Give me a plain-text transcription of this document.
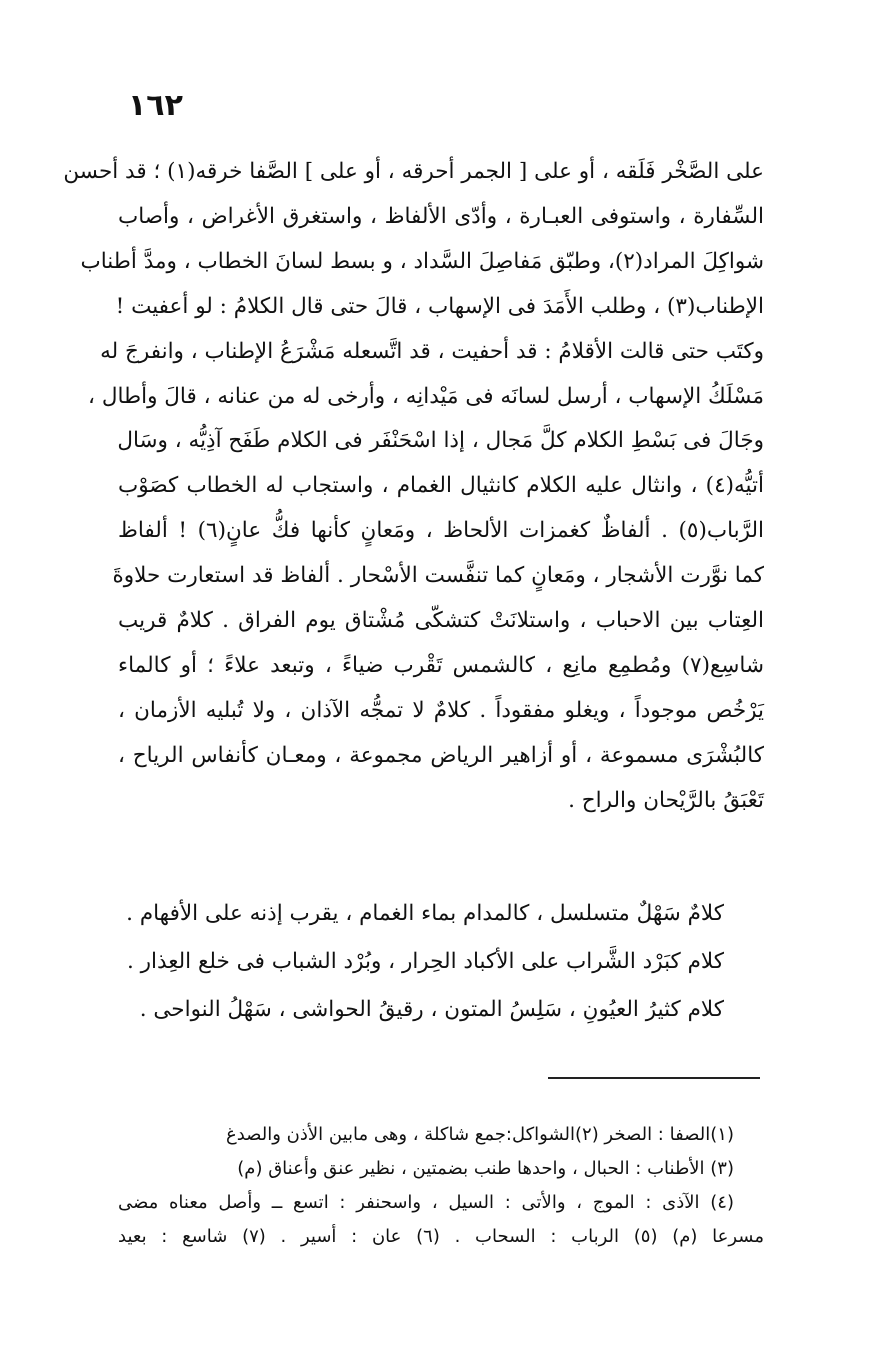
١٦٢
على الصَّخْر فَلَقه ، أو على [ الجمر أحرقه ، أو على ] الصَّفا خرقه(١) ؛ قد أحسن
السِّفارة ، واستوفى العبـارة ، وأدّى الألفاظ ، واستغرق الأغراض ، وأصاب
شواكِلَ المراد(٢)، وطبّق مَفاصِلَ السَّداد ، و بسط لسانَ الخطاب ، ومدَّ أطناب
الإطناب(٣) ، وطلب الأَمَدَ فى الإسهاب ، قالَ حتى قال الكلامُ : لو أعفيت !
وكتَب حتى قالت الأقلامُ : قد أحفيت ، قد اتَّسعله مَشْرَعُ الإطناب ، وانفرجَ له
مَسْلَكُ الإسهاب ، أرسل لسانَه فى مَيْدانِه ، وأرخى له من عنانه ، قالَ وأطال ،
وجَالَ فى بَسْطِ الكلام كلَّ مَجال ، إذا اسْحَنْفَر فى الكلام طَفَح آذِيُّه ، وسَال
أتيُّه(٤) ، وانثال عليه الكلام كانثيال الغمام ، واستجاب له الخطاب كصَوْب
الرَّباب(٥) . ألفاظٌ كغمزات الألحاظ ، ومَعانٍ كأنها فكُّ عانٍ(٦) ! ألفاظ
كما نوَّرت الأشجار ، ومَعانٍ كما تنفَّست الأسْحار . ألفاظ قد استعارت حلاوةَ
العِتاب بين الاحباب ، واستلانَتْ كتشكّى مُشْتاق يوم الفراق . كلامٌ قريب
شاسِع(٧) ومُطمِع مانِع ، كالشمس تَقْرب ضياءً ، وتبعد علاءً ؛ أو كالماء
يَرْخُص موجوداً ، ويغلو مفقوداً . كلامٌ لا تمجُّه الآذان ، ولا تُبليه الأزمان ،
كالبُشْرَى مسموعة ، أو أزاهير الرياض مجموعة ، ومعـان كأنفاس الرياح ،
تَعْبَقُ بالرَّيْحان والراح .
كلامٌ سَهْلٌ متسلسل ، كالمدام بماء الغمام ، يقرب إذنه على الأفهام .
كلام كبَرْد الشَّراب على الأكباد الحِرار ، وبُرْد الشباب فى خلع العِذار .
كلام كثيرُ العيُونِ ، سَلِسُ المتون ، رقيقُ الحواشى ، سَهْلُ النواحى .
(١)الصفا : الصخر (٢)الشواكل:جمع شاكلة ، وهى مابين الأذن والصدغ
(٣) الأطناب : الحبال ، واحدها طنب بضمتين ، نظير عنق وأعناق (م)
(٤) الآذى : الموج ، والأتى : السيل ، واسحنفر : اتسع ــ وأصل معناه مضى
مسرعا (م) (٥) الرباب : السحاب . (٦) عان : أسير . (٧) شاسع : بعيد
